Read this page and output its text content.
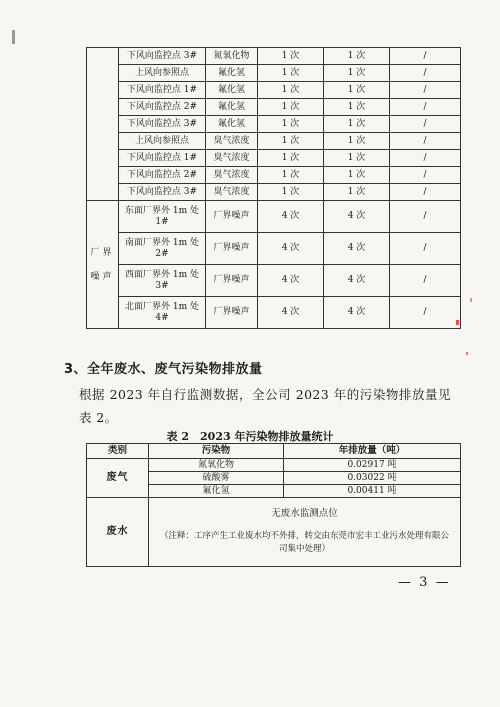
	下风向监控点 3#	氮氧化物	1 次	1 次	/
	上风向参照点	氟化氢	1 次	1 次	/
	下风向监控点 1#	氟化氢	1 次	1 次	/
	下风向监控点 2#	氟化氢	1 次	1 次	/
	下风向监控点 3#	氟化氢	1 次	1 次	/
	上风向参照点	臭气浓度	1 次	1 次	/
	下风向监控点 1#	臭气浓度	1 次	1 次	/
	下风向监控点 2#	臭气浓度	1 次	1 次	/
	下风向监控点 3#	臭气浓度	1 次	1 次	/
厂界噪声	东面厂界外 1m 处 1#	厂界噪声	4 次	4 次	/
	南面厂界外 1m 处 2#	厂界噪声	4 次	4 次	/
	西面厂界外 1m 处 3#	厂界噪声	4 次	4 次	/
	北面厂界外 1m 处 4#	厂界噪声	4 次	4 次	/
3、全年废水、废气污染物排放量

根据 2023 年自行监测数据，全公司 2023 年的污染物排放量见表 2。

表 2　2023 年污染物排放量统计
类别	污染物	年排放量（吨）
废气	氮氧化物	0.02917 吨
	硫酸雾	0.03022 吨
	氟化氢	0.00411 吨
废水	无废水监测点位
（注释：工序产生工业废水均不外排，转交由东莞市宏丰工业污水处理有限公司集中处理）	
— 3 —
